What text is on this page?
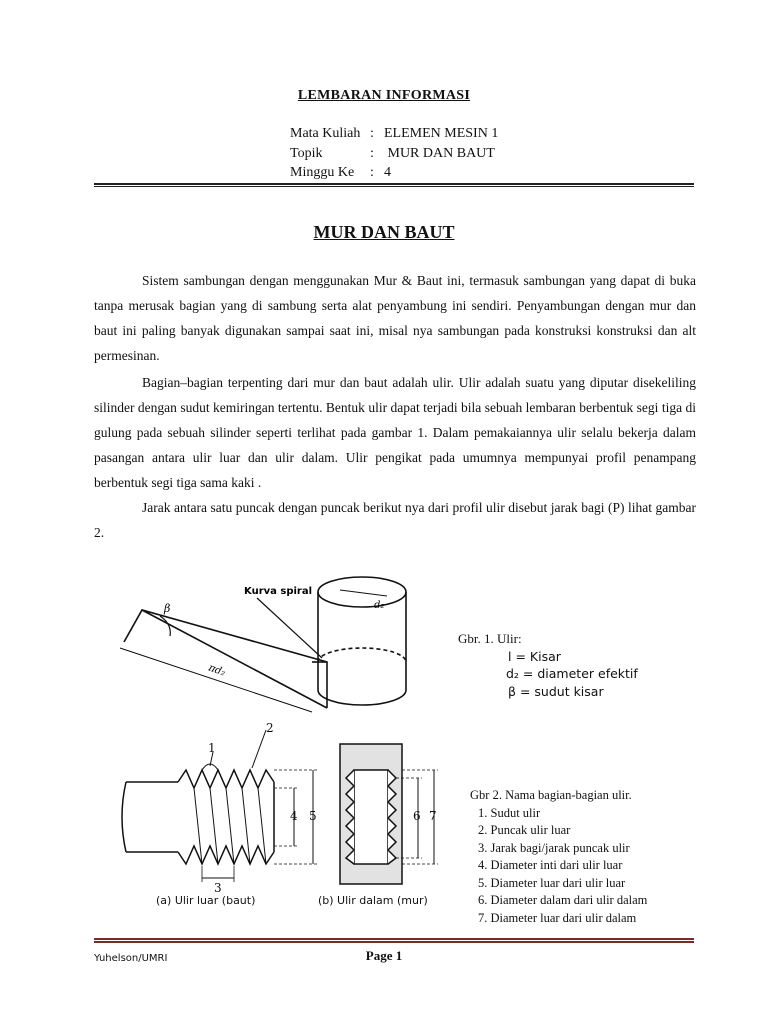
LEMBARAN INFORMASI
Mata Kuliah : ELEMEN MESIN 1
Topik	: MUR DAN BAUT
Minggu Ke : 4
MUR DAN BAUT

Sistem sambungan dengan menggunakan Mur & Baut ini, termasuk sambungan yang dapat di buka tanpa merusak bagian yang di sambung serta alat penyambung ini sendiri. Penyambungan dengan mur dan baut ini paling banyak digunakan sampai saat ini, misal nya sambungan pada konstruksi konstruksi dan alt permesinan.

Bagian–bagian terpenting dari mur dan baut adalah ulir. Ulir adalah suatu yang diputar disekeliling silinder dengan sudut kemiringan tertentu. Bentuk ulir dapat terjadi bila sebuah lembaran berbentuk segi tiga di gulung pada sebuah silinder seperti terlihat pada gambar 1. Dalam pemakaiannya ulir selalu bekerja dalam pasangan antara ulir luar dan ulir dalam. Ulir pengikat pada umumnya mempunyai profil penampang berbentuk segi tiga sama kaki .

Jarak antara satu puncak dengan puncak berikut nya dari profil ulir disebut jarak bagi (P) lihat gambar 2.

Kurva spiral
β	d₂
πd₂
Gbr. 1. Ulir:
l = Kisar
d₂ = diameter efektif
β = sudut kisar
1
2
3
4 5	6 7
(a) Ulir luar (baut)	(b) Ulir dalam (mur)
Gbr 2. Nama bagian-bagian ulir.
1. Sudut ulir
2. Puncak ulir luar
3. Jarak bagi/jarak puncak ulir
4. Diameter inti dari ulir luar
5. Diameter luar dari ulir luar
6. Diameter dalam dari ulir dalam
7. Diameter luar dari ulir dalam
Yuhelson/UMRI	Page 1
